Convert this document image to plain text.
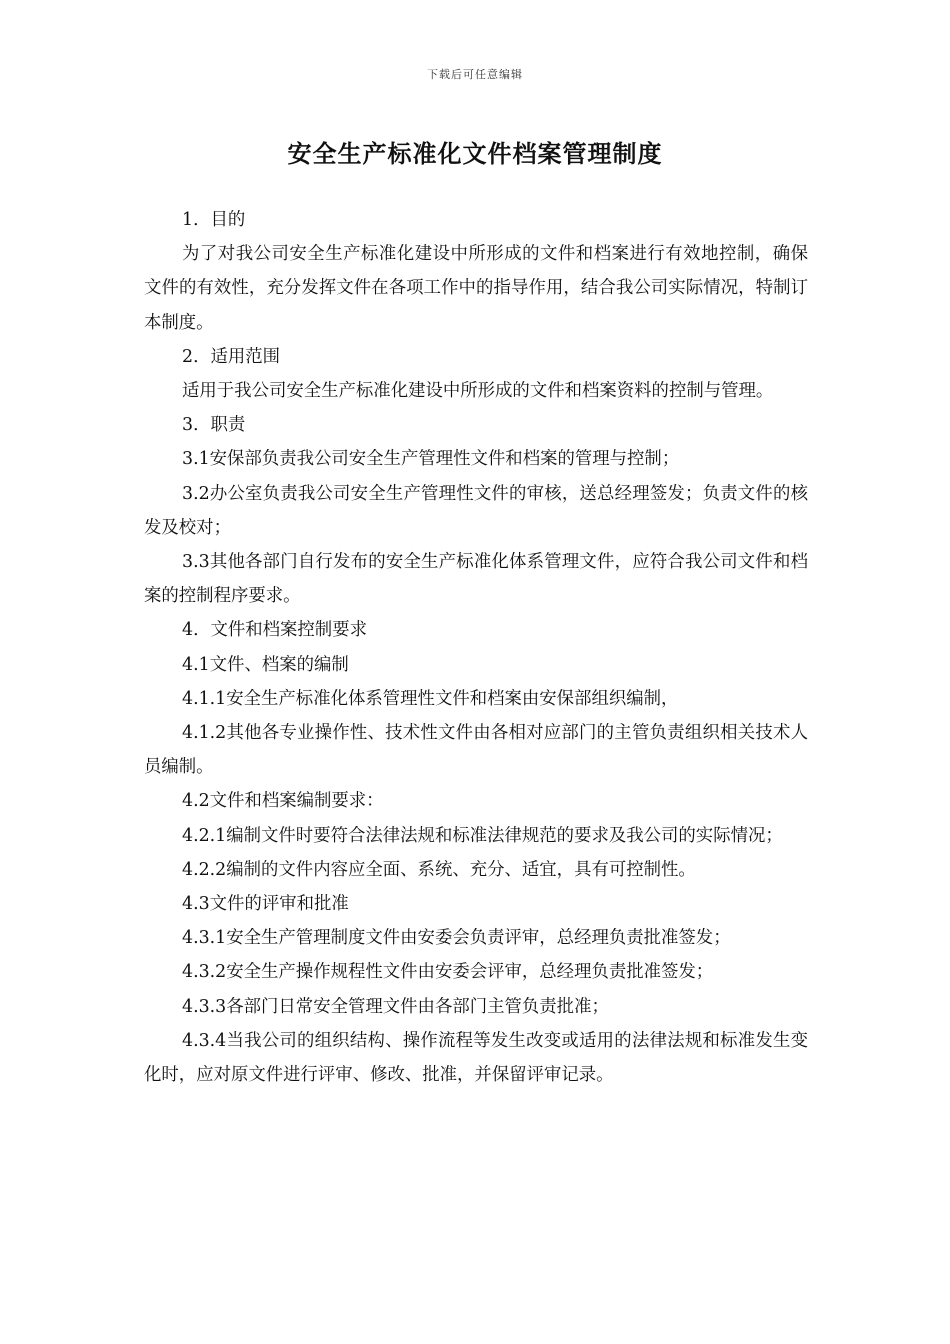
下载后可任意编辑
安全生产标准化文件档案管理制度

1．目的

为了对我公司安全生产标准化建设中所形成的文件和档案进行有效地控制，确保文件的有效性，充分发挥文件在各项工作中的指导作用，结合我公司实际情况，特制订本制度。

2．适用范围

适用于我公司安全生产标准化建设中所形成的文件和档案资料的控制与管理。

3．职责

3.1安保部负责我公司安全生产管理性文件和档案的管理与控制；

3.2办公室负责我公司安全生产管理性文件的审核，送总经理签发；负责文件的核发及校对；

3.3其他各部门自行发布的安全生产标准化体系管理文件，应符合我公司文件和档案的控制程序要求。

4．文件和档案控制要求

4.1文件、档案的编制

4.1.1安全生产标准化体系管理性文件和档案由安保部组织编制，

4.1.2其他各专业操作性、技术性文件由各相对应部门的主管负责组织相关技术人员编制。

4.2文件和档案编制要求：

4.2.1编制文件时要符合法律法规和标准法律规范的要求及我公司的实际情况；

4.2.2编制的文件内容应全面、系统、充分、适宜，具有可控制性。

4.3文件的评审和批准

4.3.1安全生产管理制度文件由安委会负责评审，总经理负责批准签发；

4.3.2安全生产操作规程性文件由安委会评审，总经理负责批准签发；

4.3.3各部门日常安全管理文件由各部门主管负责批准；

4.3.4当我公司的组织结构、操作流程等发生改变或适用的法律法规和标准发生变化时，应对原文件进行评审、修改、批准，并保留评审记录。
